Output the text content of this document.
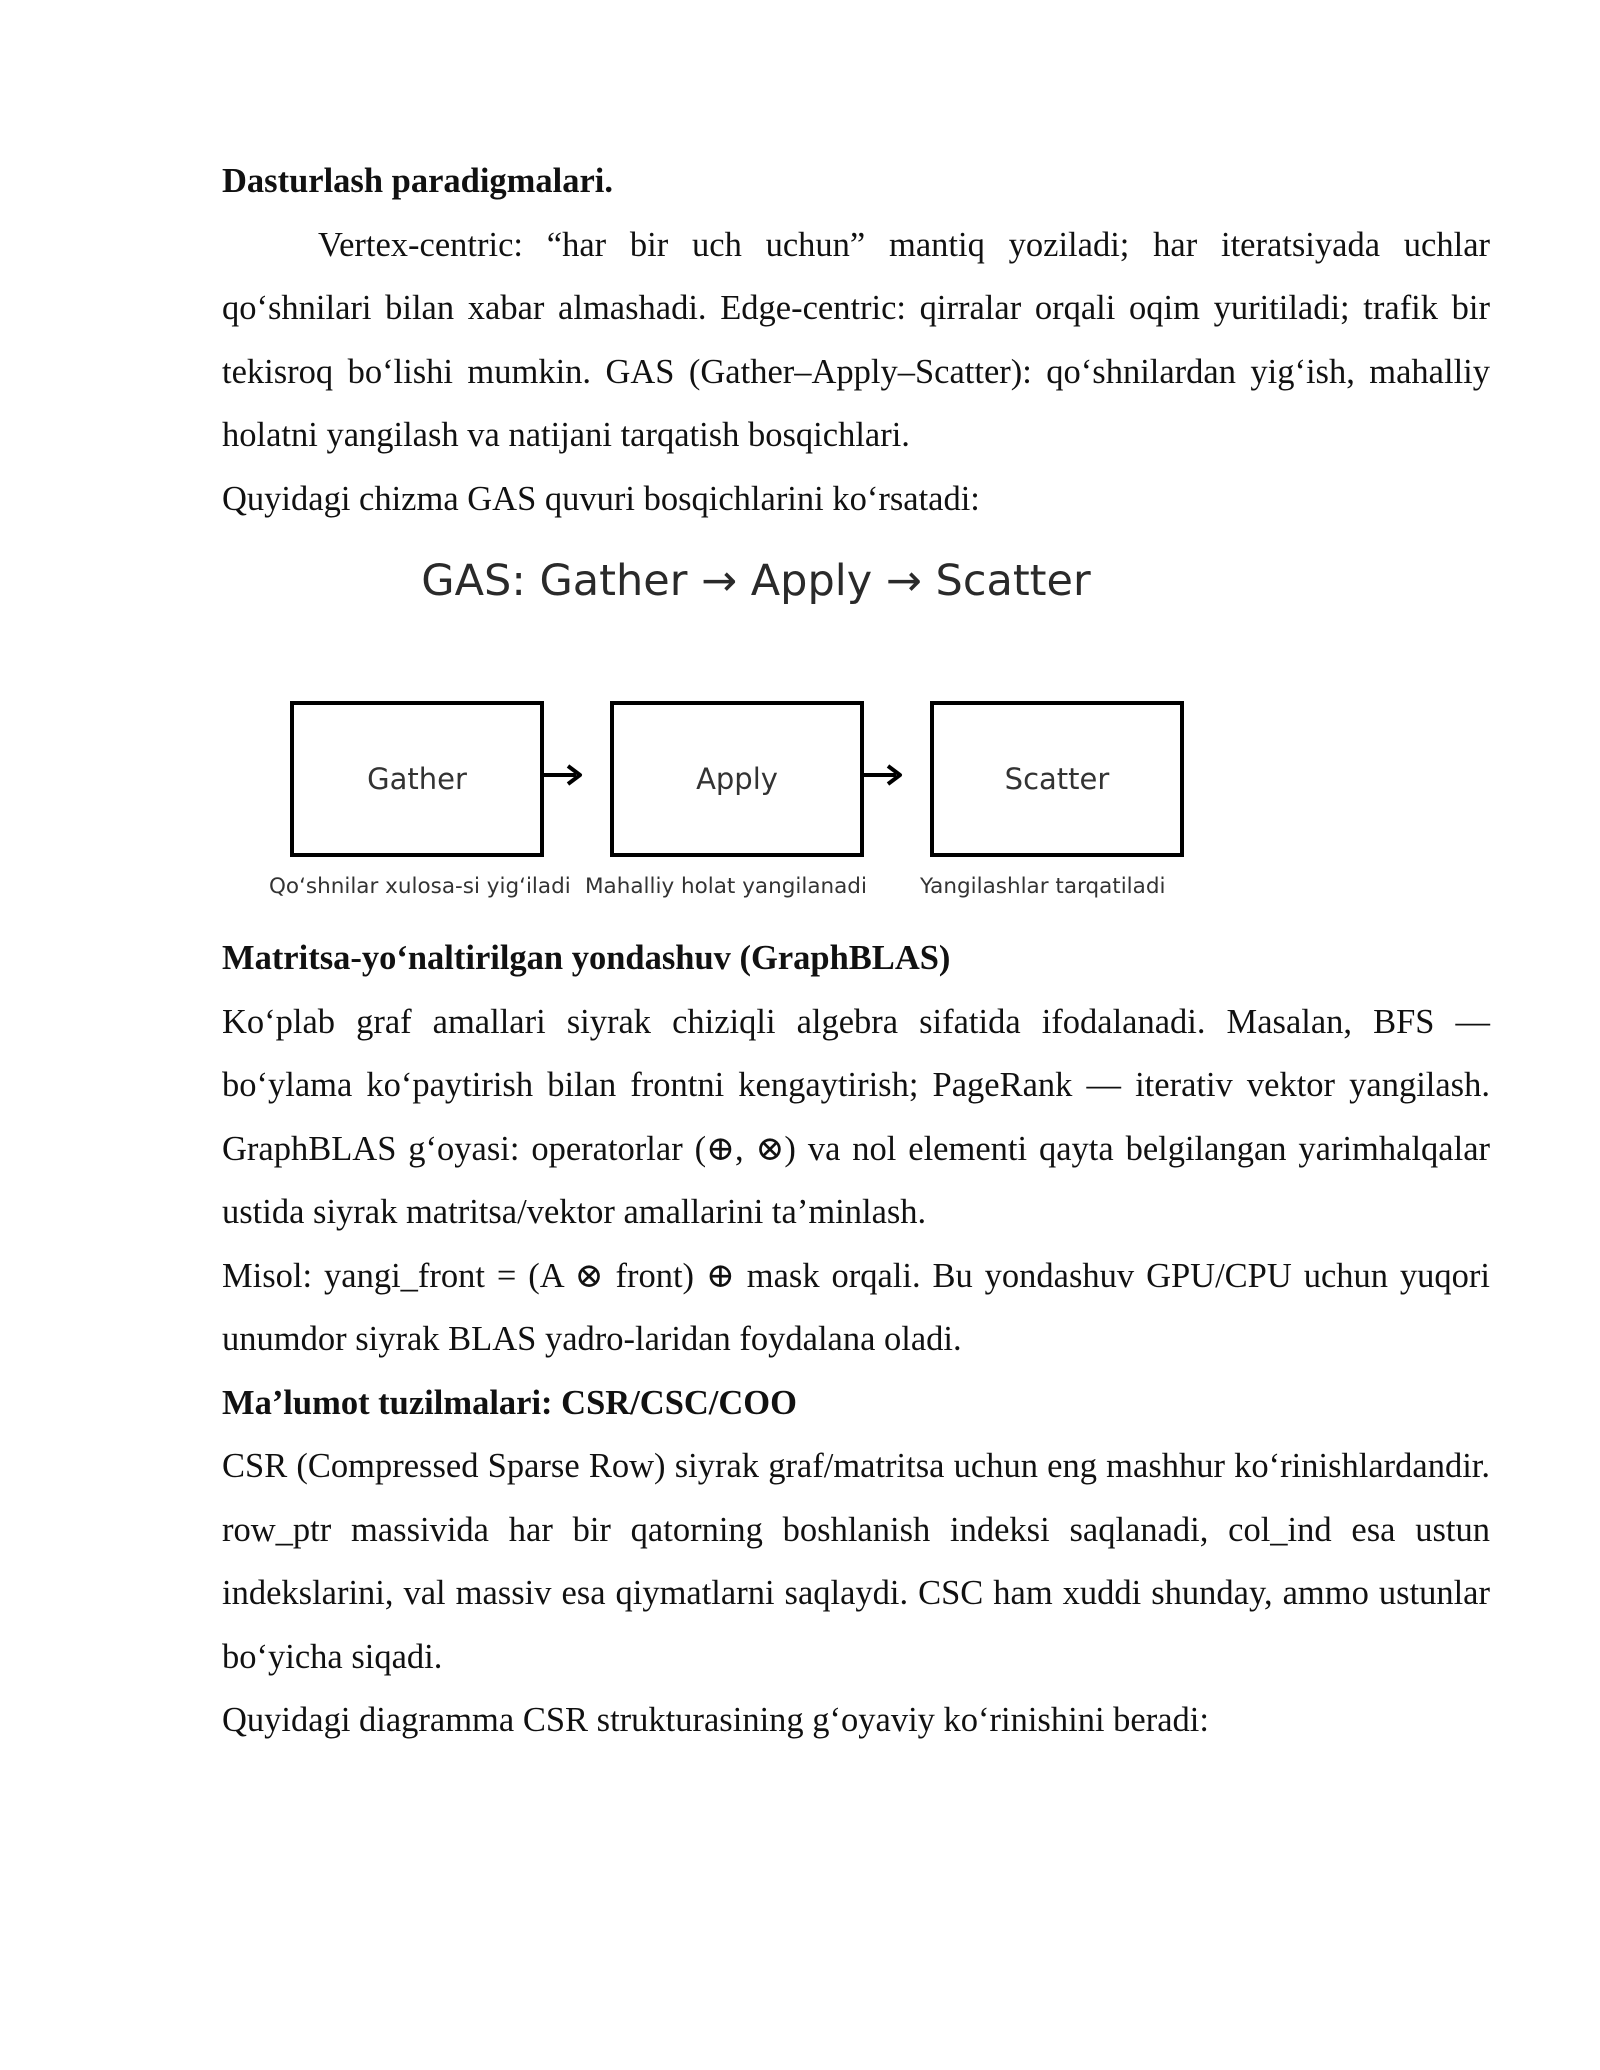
Dasturlash paradigmalari.

Vertex-centric: “har bir uch uchun” mantiq yoziladi; har iteratsiyada uchlar qo‘shnilari bilan xabar almashadi. Edge-centric: qirralar orqali oqim yuritiladi; trafik bir tekisroq bo‘lishi mumkin. GAS (Gather–Apply–Scatter): qo‘shnilardan yig‘ish, mahalliy holatni yangilash va natijani tarqatish bosqichlari.

Quyidagi chizma GAS quvuri bosqichlarini ko‘rsatadi:

GAS: Gather → Apply → Scatter
Gather	Apply	Scatter
Qo‘shnilar xulosa-si yig‘iladi Mahalliy holat yangilanadi Yangilashlar tarqatiladi

Matritsa-yo‘naltirilgan yondashuv (GraphBLAS)

Ko‘plab graf amallari siyrak chiziqli algebra sifatida ifodalanadi. Masalan, BFS — bo‘ylama ko‘paytirish bilan frontni kengaytirish; PageRank — iterativ vektor yangilash. GraphBLAS g‘oyasi: operatorlar (⊕, ⊗) va nol elementi qayta belgilangan yarimhalqalar ustida siyrak matritsa/vektor amallarini ta’minlash.

Misol: yangi_front = (A ⊗ front) ⊕ mask orqali. Bu yondashuv GPU/CPU uchun yuqori unumdor siyrak BLAS yadro-laridan foydalana oladi.

Ma’lumot tuzilmalari: CSR/CSC/COO

CSR (Compressed Sparse Row) siyrak graf/matritsa uchun eng mashhur ko‘rinishlardandir. row_ptr massivida har bir qatorning boshlanish indeksi saqlanadi, col_ind esa ustun indekslarini, val massiv esa qiymatlarni saqlaydi. CSC ham xuddi shunday, ammo ustunlar bo‘yicha siqadi.

Quyidagi diagramma CSR strukturasining g‘oyaviy ko‘rinishini beradi:
